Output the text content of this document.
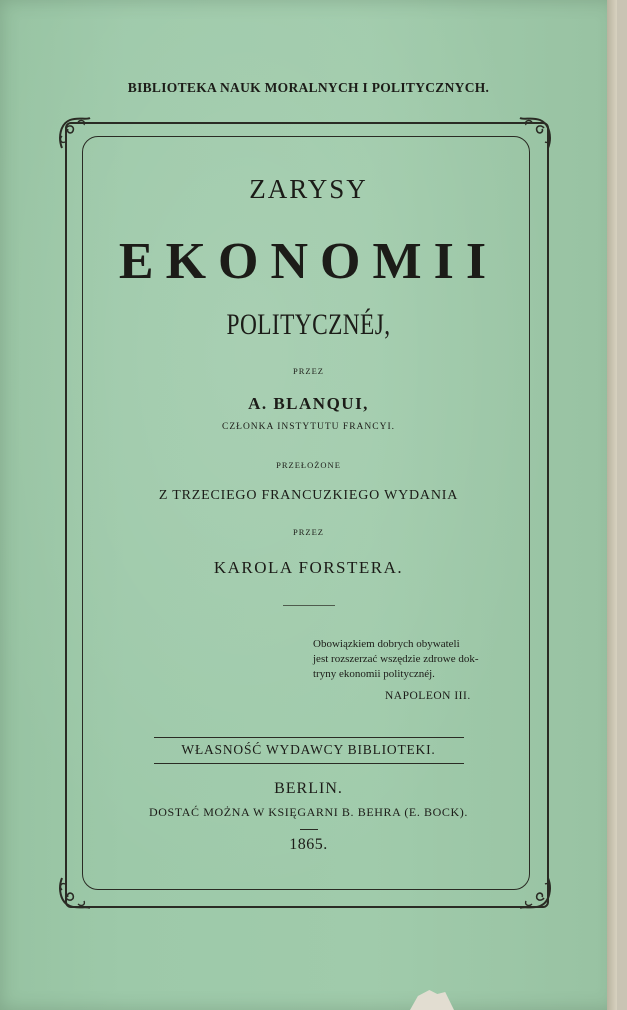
BIBLIOTEKA NAUK MORALNYCH I POLITYCZNYCH.
ZARYSY
EKONOMII
POLITYCZNÉJ,
PRZEZ
A. BLANQUI,
CZŁONKA INSTYTUTU FRANCYI.
PRZEŁOŻONE
Z TRZECIEGO FRANCUZKIEGO WYDANIA
PRZEZ
KAROLA FORSTERA.
Obowiązkiem dobrych obywateli
jest rozszerzać wszędzie zdrowe dok-
tryny ekonomii politycznéj.
NAPOLEON III.
WŁASNOŚĆ WYDAWCY BIBLIOTEKI.
BERLIN.
DOSTAĆ MOŻNA W KSIĘGARNI B. BEHRA (E. BOCK).
1865.
